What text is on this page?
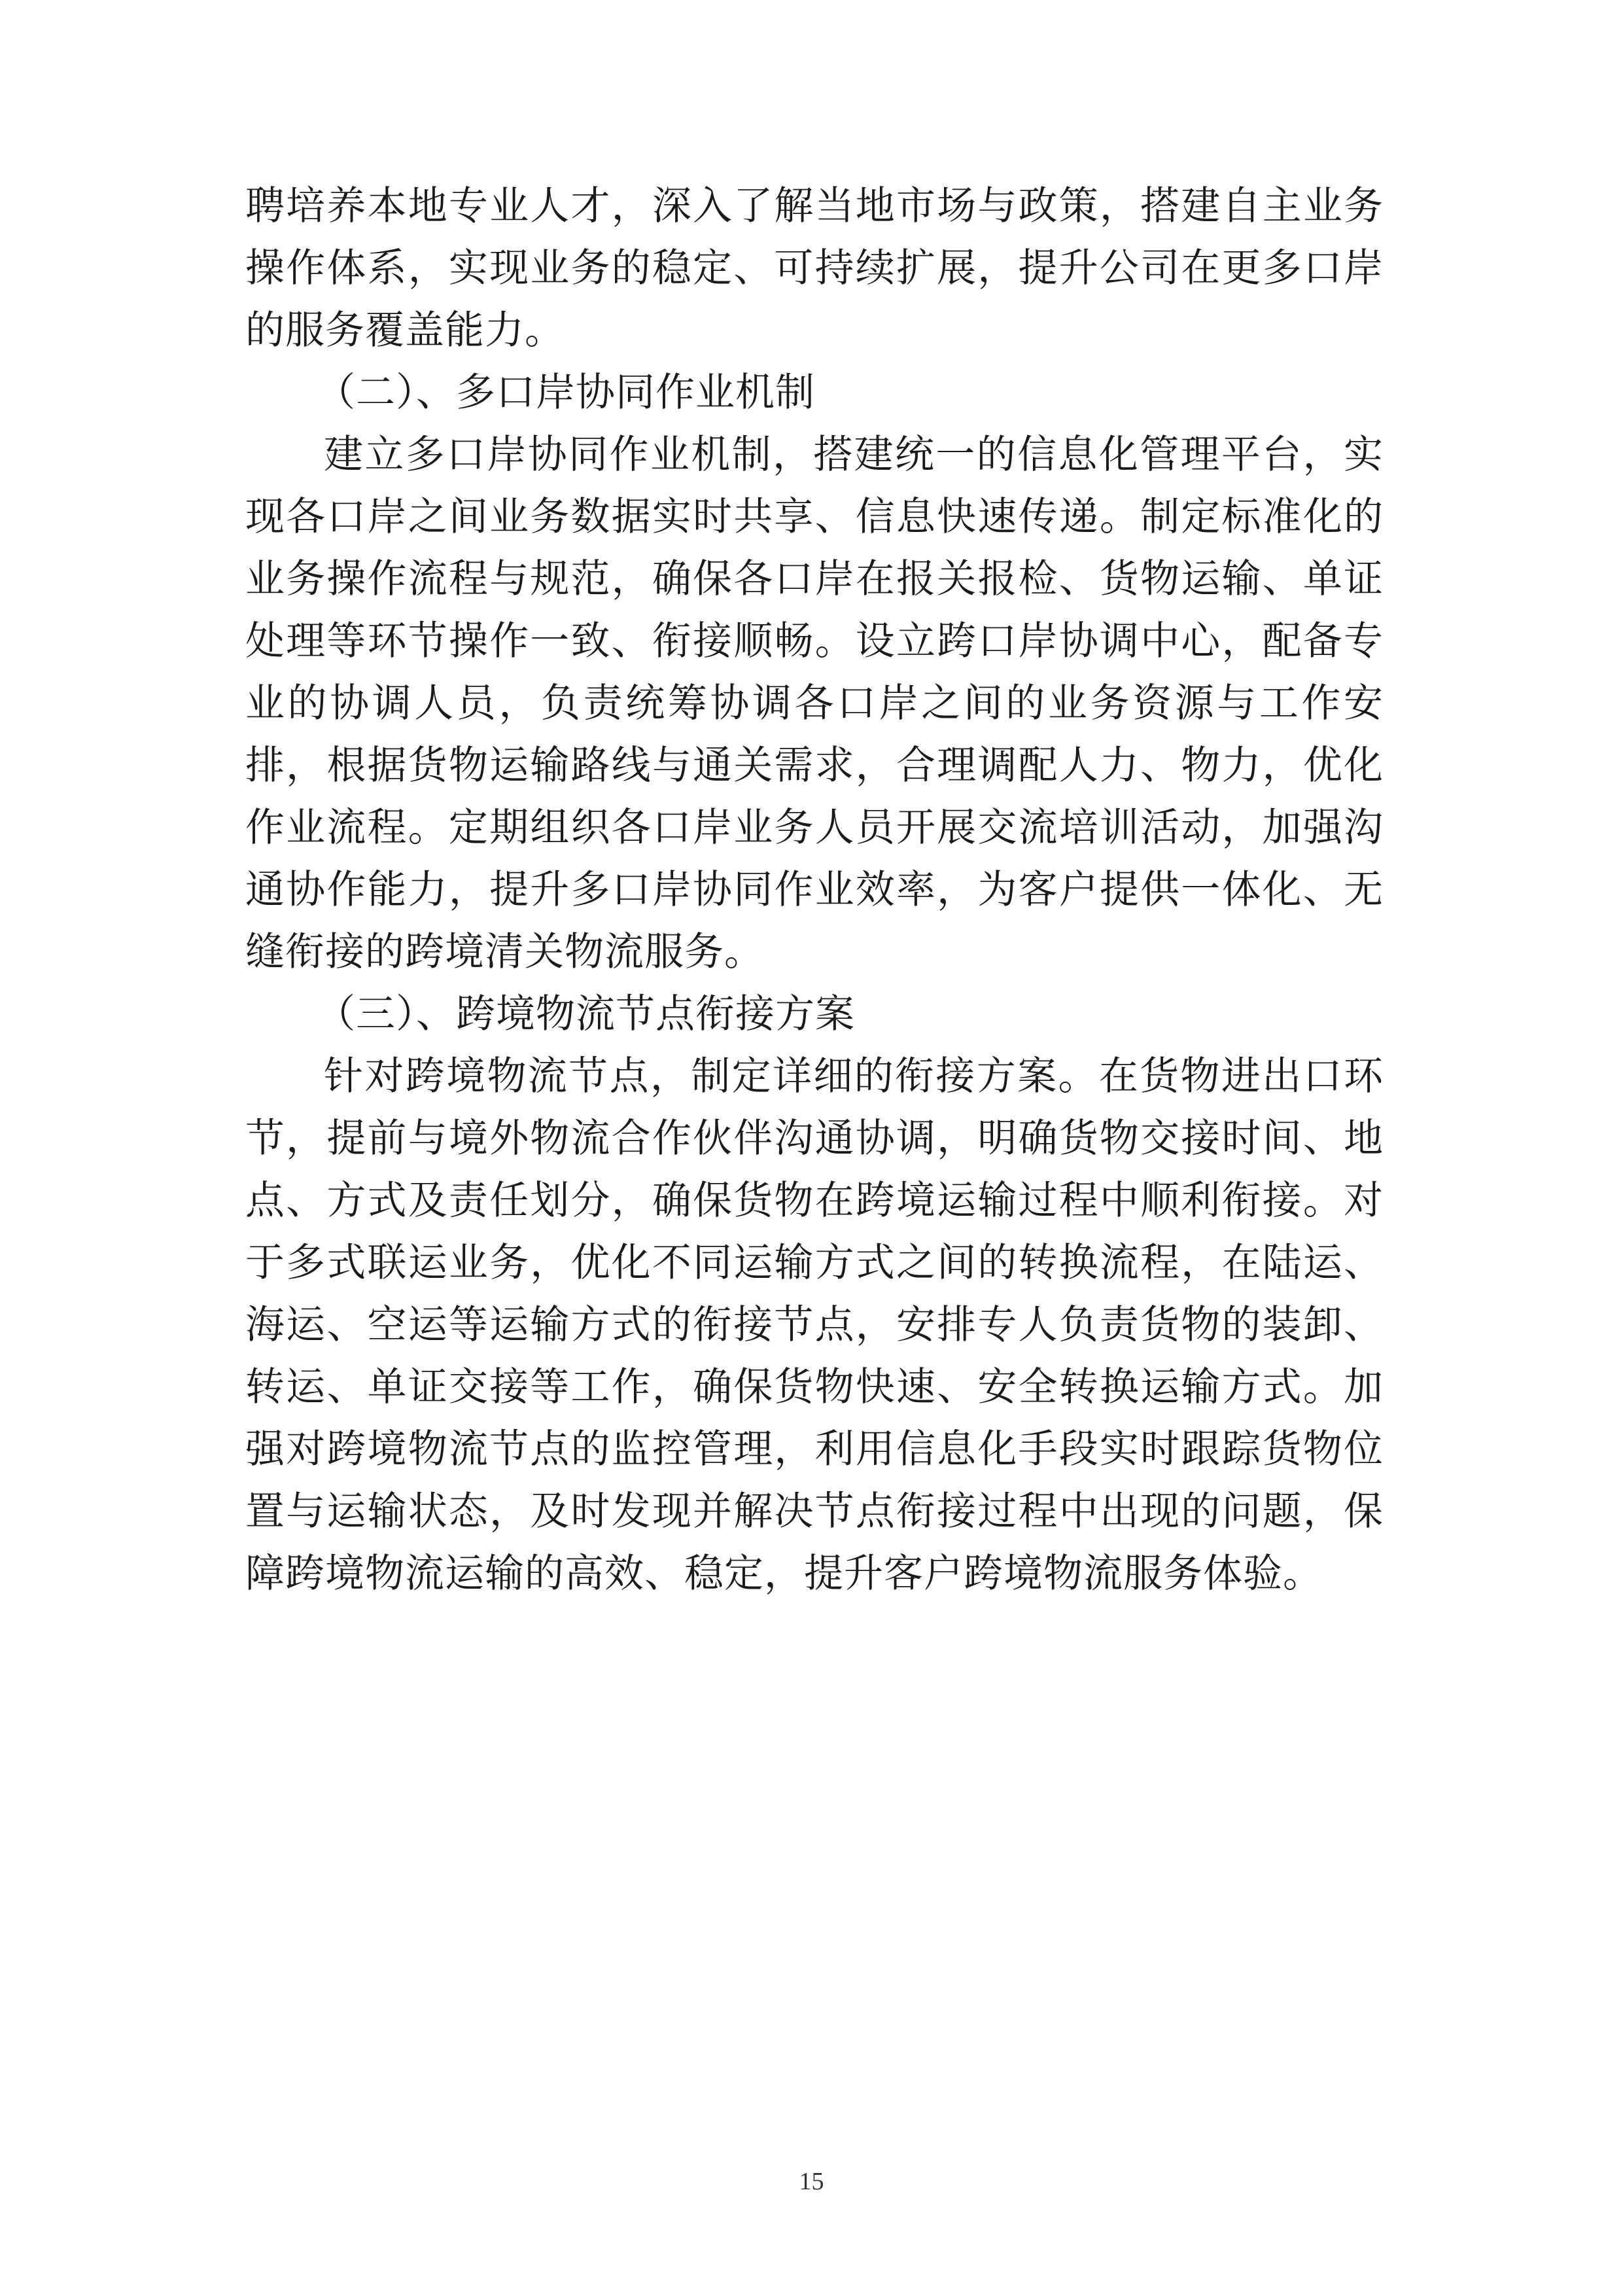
聘培养本地专业人才，深入了解当地市场与政策，搭建自主业务操作体系，实现业务的稳定、可持续扩展，提升公司在更多口岸的服务覆盖能力。

（二）、多口岸协同作业机制

建立多口岸协同作业机制，搭建统一的信息化管理平台，实现各口岸之间业务数据实时共享、信息快速传递。制定标准化的业务操作流程与规范，确保各口岸在报关报检、货物运输、单证处理等环节操作一致、衔接顺畅。设立跨口岸协调中心，配备专业的协调人员，负责统筹协调各口岸之间的业务资源与工作安排，根据货物运输路线与通关需求，合理调配人力、物力，优化作业流程。定期组织各口岸业务人员开展交流培训活动，加强沟通协作能力，提升多口岸协同作业效率，为客户提供一体化、无缝衔接的跨境清关物流服务。

（三）、跨境物流节点衔接方案

针对跨境物流节点，制定详细的衔接方案。在货物进出口环节，提前与境外物流合作伙伴沟通协调，明确货物交接时间、地点、方式及责任划分，确保货物在跨境运输过程中顺利衔接。对于多式联运业务，优化不同运输方式之间的转换流程，在陆运、海运、空运等运输方式的衔接节点，安排专人负责货物的装卸、转运、单证交接等工作，确保货物快速、安全转换运输方式。加强对跨境物流节点的监控管理，利用信息化手段实时跟踪货物位置与运输状态，及时发现并解决节点衔接过程中出现的问题，保障跨境物流运输的高效、稳定，提升客户跨境物流服务体验。

15
